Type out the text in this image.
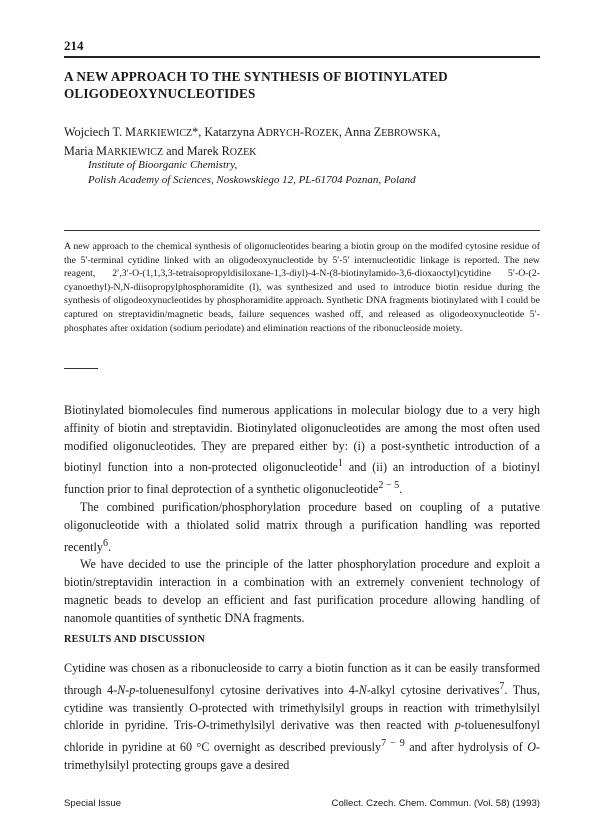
214
A NEW APPROACH TO THE SYNTHESIS OF BIOTINYLATED OLIGODEOXYNUCLEOTIDES
Wojciech T. MARKIEWICZ*, Katarzyna ADRYCH-ROZEK, Anna ZEBROWSKA,
Maria MARKIEWICZ and Marek ROZEK
Institute of Bioorganic Chemistry,
Polish Academy of Sciences, Noskowskiego 12, PL-61704 Poznan, Poland
A new approach to the chemical synthesis of oligonucleotides bearing a biotin group on the modifed cytosine residue of the 5′-terminal cytidine linked with an oligodeoxynucleotide by 5′-5′ internucleotidic linkage is reported. The new reagent, 2′,3′-O-(1,1,3,3-tetraisopropyldisiloxane-1,3-diyl)-4-N-(8-biotinylamido-3,6-dioxaoctyl)cytidine 5′-O-(2-cyanoethyl)-N,N-diisopropylphosphoramidite (I), was synthesized and used to introduce biotin residue during the synthesis of oligodeoxynucleotides by phosphoramidite approach. Synthetic DNA fragments biotinylated with I could be captured on streptavidin/magnetic beads, failure sequences washed off, and released as oligodeoxynucleotide 5′-phosphates after oxidation (sodium periodate) and elimination reactions of the ribonucleoside moiety.

Biotinylated biomolecules find numerous applications in molecular biology due to a very high affinity of biotin and streptavidin. Biotinylated oligonucleotides are among the most often used modified oligonucleotides. They are prepared either by: (i) a post-synthetic introduction of a biotinyl function into a non-protected oligonucleotide$^1$ and (ii) an introduction of a biotinyl function prior to final deprotection of a synthetic oligonucleotide$^{2 - 5}$.

The combined purification/phosphorylation procedure based on coupling of a putative oligonucleotide with a thiolated solid matrix through a purification handling was reported recently$^6$.

We have decided to use the principle of the latter phosphorylation procedure and exploit a biotin/streptavidin interaction in a combination with an extremely convenient technology of magnetic beads to develop an efficient and fast purification procedure allowing handling of nanomole quantities of synthetic DNA fragments.

RESULTS AND DISCUSSION
Cytidine was chosen as a ribonucleoside to carry a biotin function as it can be easily transformed through 4-N-p-toluenesulfonyl cytosine derivatives into 4-N-alkyl cytosine derivatives$^7$. Thus, cytidine was transiently O-protected with trimethylsilyl groups in reaction with trimethylsilyl chloride in pyridine. Tris-O-trimethylsilyl derivative was then reacted with p-toluenesulfonyl chloride in pyridine at 60 °C overnight as described previously$^{7 - 9}$ and after hydrolysis of O-trimethylsilyl protecting groups gave a desired
Special Issue	Collect. Czech. Chem. Commun. (Vol. 58) (1993)
